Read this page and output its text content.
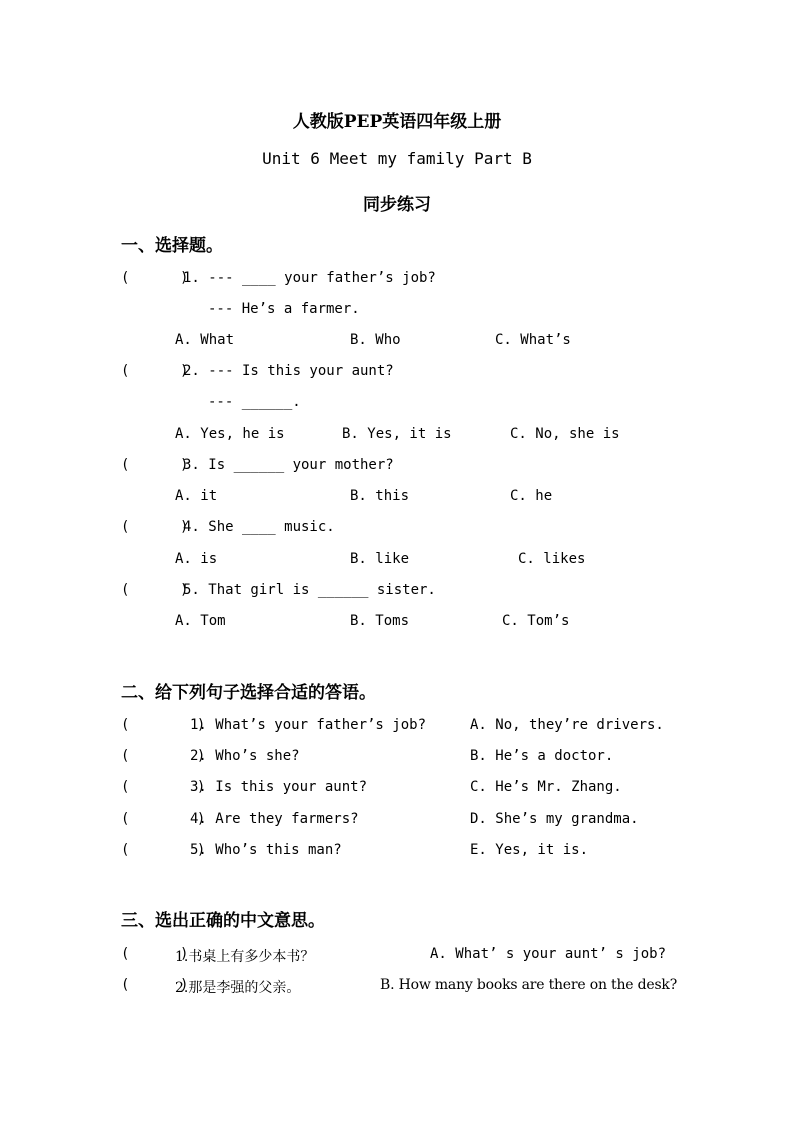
人教版PEP英语四年级上册
Unit 6 Meet my family Part B
同步练习
一、选择题。
(      )
1. --- ____ your father’s job?
--- He’s a farmer.
A. What	B. Who	C. What’s
(      )
2. --- Is this your aunt?
--- ______.
A. Yes, he is	B. Yes, it is	C. No, she is
(      )
3. Is ______ your mother?
A. it	B. this	C. he
(      )
4. She ____ music.
A. is	B. like	C. likes
(      )
5. That girl is ______ sister.
A. Tom	B. Toms	C. Tom’s
二、给下列句子选择合适的答语。
(        )
1. What’s your father’s job?	A. No, they’re drivers.
(        )
2. Who’s she?	B. He’s a doctor.
(        )
3. Is this your aunt?	C. He’s Mr. Zhang.
(        )
4. Are they farmers?	D. She’s my grandma.
(        )
5. Who’s this man?	E. Yes, it is.
三、选出正确的中文意思。
(      )
1.书桌上有多少本书？	A. What’ s your aunt’ s job?
(      )
2.那是李强的父亲。	B. How many books are there on the desk?
